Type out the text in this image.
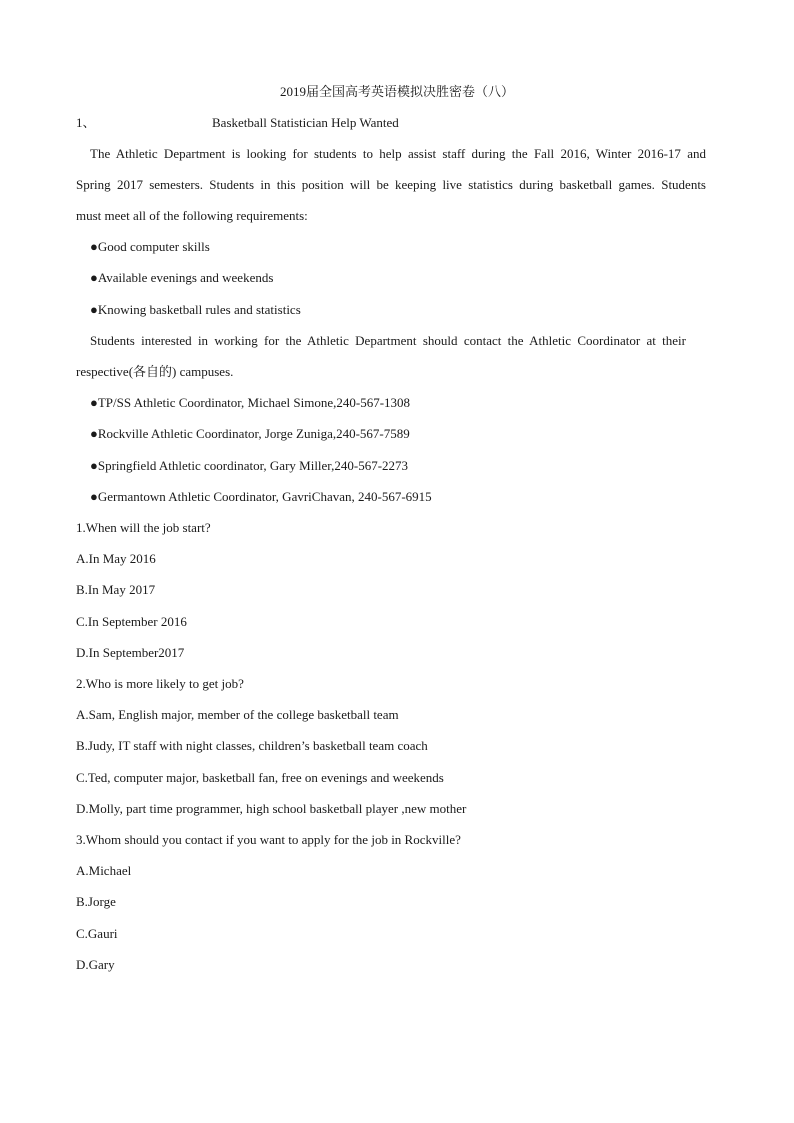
2019届全国高考英语模拟决胜密卷（八）
1、	Basketball Statistician Help Wanted
The Athletic Department is looking for students to help assist staff during the Fall 2016, Winter 2016-17 and
Spring 2017 semesters. Students in this position will be keeping live statistics during basketball games. Students
must meet all of the following requirements:
●Good computer skills
●Available evenings and weekends
●Knowing basketball rules and statistics
Students interested in working for the Athletic Department should contact the Athletic Coordinator at their
respective(各自的) campuses.
●TP/SS Athletic Coordinator, Michael Simone,240-567-1308
●Rockville Athletic Coordinator, Jorge Zuniga,240-567-7589
●Springfield Athletic coordinator, Gary Miller,240-567-2273
●Germantown Athletic Coordinator, GavriChavan, 240-567-6915
1.When will the job start?
A.In May 2016
B.In May 2017
C.In September 2016
D.In September2017
2.Who is more likely to get job?
A.Sam, English major, member of the college basketball team
B.Judy, IT staff with night classes, children’s basketball team coach
C.Ted, computer major, basketball fan, free on evenings and weekends
D.Molly, part time programmer, high school basketball player ,new mother
3.Whom should you contact if you want to apply for the job in Rockville?
A.Michael
B.Jorge
C.Gauri
D.Gary
